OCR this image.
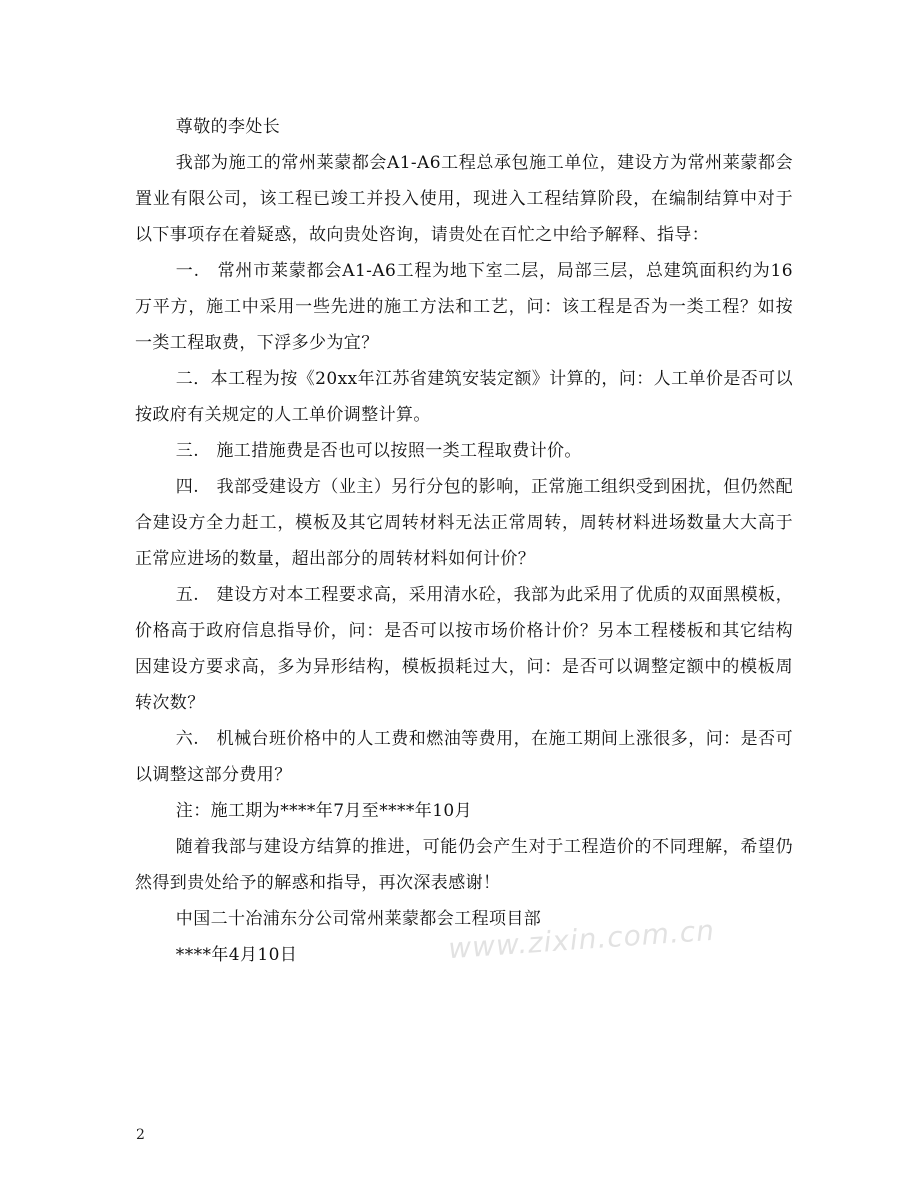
尊敬的李处长

我部为施工的常州莱蒙都会A1-A6工程总承包施工单位，建设方为常州莱蒙都会置业有限公司，该工程已竣工并投入使用，现进入工程结算阶段，在编制结算中对于以下事项存在着疑惑，故向贵处咨询，请贵处在百忙之中给予解释、指导：

一.　常州市莱蒙都会A1-A6工程为地下室二层，局部三层，总建筑面积约为16万平方，施工中采用一些先进的施工方法和工艺，问：该工程是否为一类工程？如按一类工程取费，下浮多少为宜？

二．本工程为按《20xx年江苏省建筑安装定额》计算的，问：人工单价是否可以按政府有关规定的人工单价调整计算。

三.　施工措施费是否也可以按照一类工程取费计价。

四.　我部受建设方（业主）另行分包的影响，正常施工组织受到困扰，但仍然配合建设方全力赶工，模板及其它周转材料无法正常周转，周转材料进场数量大大高于正常应进场的数量，超出部分的周转材料如何计价？

五.　建设方对本工程要求高，采用清水砼，我部为此采用了优质的双面黑模板，价格高于政府信息指导价，问：是否可以按市场价格计价？另本工程楼板和其它结构因建设方要求高，多为异形结构，模板损耗过大，问：是否可以调整定额中的模板周转次数？

六.　机械台班价格中的人工费和燃油等费用，在施工期间上涨很多，问：是否可以调整这部分费用？

注：施工期为****年7月至****年10月

随着我部与建设方结算的推进，可能仍会产生对于工程造价的不同理解，希望仍然得到贵处给予的解惑和指导，再次深表感谢！

中国二十冶浦东分公司常州莱蒙都会工程项目部

****年4月10日	www.zixin.com.cn
2
